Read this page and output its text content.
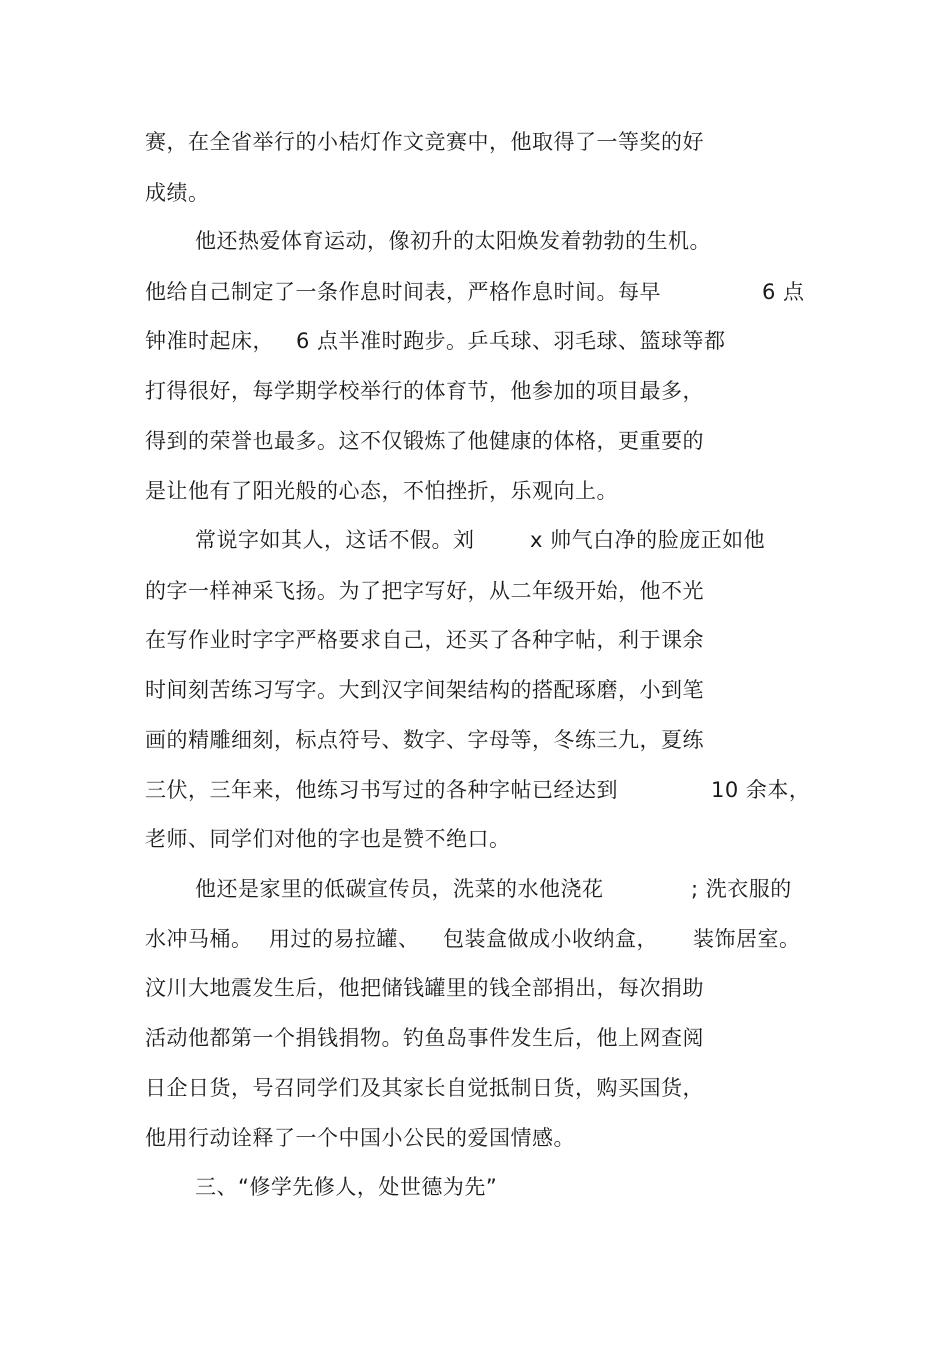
赛，在全省举行的小桔灯作文竞赛中，他取得了一等奖的好
成绩。
他还热爱体育运动，像初升的太阳焕发着勃勃的生机。
他给自己制定了一条作息时间表，严格作息时间。每早	6 点
钟准时起床， 6 点半准时跑步。乒乓球、羽毛球、篮球等都
打得很好，每学期学校举行的体育节，他参加的项目最多，
得到的荣誉也最多。这不仅锻炼了他健康的体格，更重要的
是让他有了阳光般的心态，不怕挫折，乐观向上。
常说字如其人，这话不假。刘	x 帅气白净的脸庞正如他
的字一样神采飞扬。为了把字写好，从二年级开始，他不光
在写作业时字字严格要求自己，还买了各种字帖，利于课余
时间刻苦练习写字。大到汉字间架结构的搭配琢磨，小到笔
画的精雕细刻，标点符号、数字、字母等，冬练三九，夏练
三伏，三年来，他练习书写过的各种字帖已经达到	10 余本，
老师、同学们对他的字也是赞不绝口。
他还是家里的低碳宣传员，洗菜的水他浇花	; 洗衣服的
水冲马桶。 用过的易拉罐、 包装盒做成小收纳盒， 装饰居室。
汶川大地震发生后，他把储钱罐里的钱全部捐出，每次捐助
活动他都第一个捐钱捐物。钓鱼岛事件发生后，他上网查阅
日企日货，号召同学们及其家长自觉抵制日货，购买国货，
他用行动诠释了一个中国小公民的爱国情感。
三、“修学先修人，处世德为先”
